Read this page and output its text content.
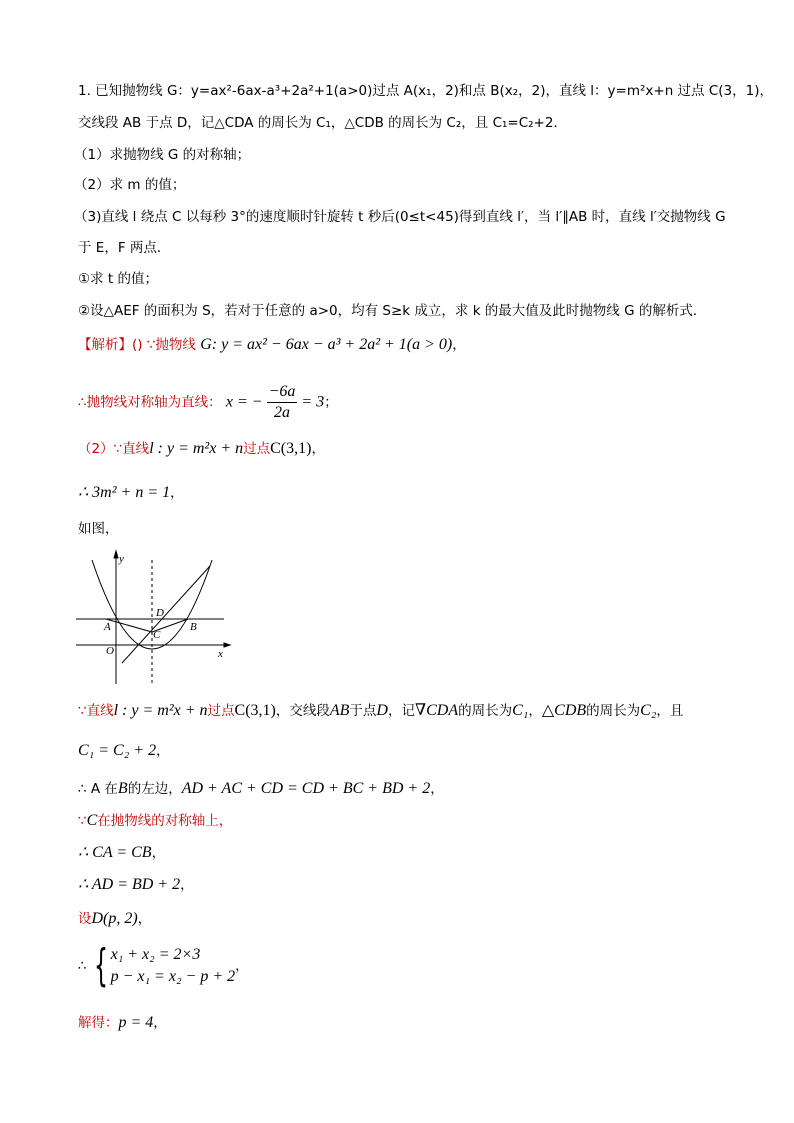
1. 已知抛物线 G：y=ax²-6ax-a³+2a²+1(a>0)过点 A(x₁，2)和点 B(x₂，2)，直线 l：y=m²x+n 过点 C(3，1)，
交线段 AB 于点 D，记△CDA 的周长为 C₁，△CDB 的周长为 C₂，且 C₁=C₂+2．
（1）求抛物线 G 的对称轴；
（2）求 m 的值；
（3)直线 l 绕点 C 以每秒 3°的速度顺时针旋转 t 秒后(0≤t<45)得到直线 l′，当 l′∥AB 时，直线 l′交抛物线 G
于 E，F 两点．
①求 t 的值；
②设△AEF 的面积为 S，若对于任意的 a>0，均有 S≥k 成立，求 k 的最大值及此时抛物线 G 的解析式．
【解析】() ∵抛物线 G: y = ax² − 6ax − a³ + 2a² + 1(a > 0)，
∴抛物线对称轴为直线： x = − $\frac{-6a}{2a} = 3$；
（2）∵直线l : y = m²x + n过点C(3,1)，
∴ 3m² + n = 1，
如图，
y
x
O
A	B
C
D
∵直线l : y = m²x + n过点C(3,1)，交线段AB于点D，记∇CDA的周长为C₁，△CDB的周长为C₂，且
C₁ = C₂ + 2，
∴ A 在B的左边，AD + AC + CD = CD + BC + BD + 2，
∵C在抛物线的对称轴上，
∴ CA = CB，
∴ AD = BD + 2，
设D(p, 2)，
∴ { x₁ + x₂ = 2×3
p − x₁ = x₂ − p + 2
，
解得：p = 4，
